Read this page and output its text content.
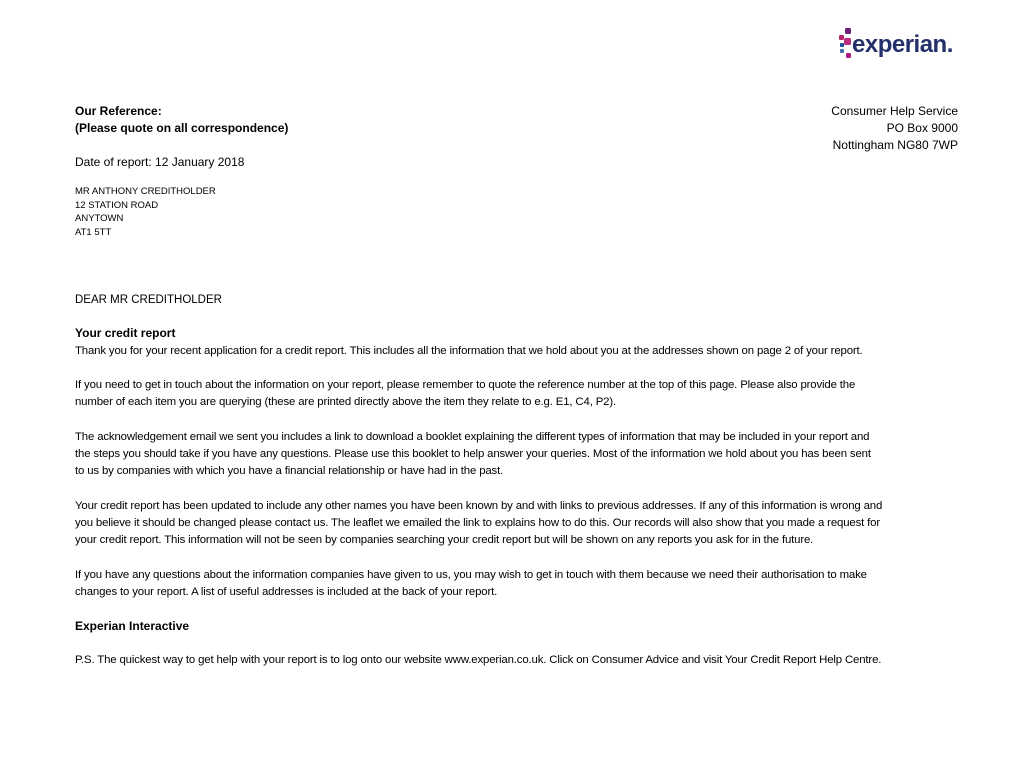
experian.
Our Reference:
(Please quote on all correspondence)
Date of report: 12 January 2018
Consumer Help Service
PO Box 9000
Nottingham NG80 7WP
MR ANTHONY CREDITHOLDER
12 STATION ROAD
ANYTOWN
AT1 5TT
DEAR MR CREDITHOLDER
Your credit report
Thank you for your recent application for a credit report. This includes all the information that we hold about you at the addresses shown on page 2 of your report.
If you need to get in touch about the information on your report, please remember to quote the reference number at the top of this page. Please also provide the
number of each item you are querying (these are printed directly above the item they relate to e.g. E1, C4, P2).
The acknowledgement email we sent you includes a link to download a booklet explaining the different types of information that may be included in your report and
the steps you should take if you have any questions. Please use this booklet to help answer your queries. Most of the information we hold about you has been sent
to us by companies with which you have a financial relationship or have had in the past.
Your credit report has been updated to include any other names you have been known by and with links to previous addresses. If any of this information is wrong and
you believe it should be changed please contact us. The leaflet we emailed the link to explains how to do this. Our records will also show that you made a request for
your credit report. This information will not be seen by companies searching your credit report but will be shown on any reports you ask for in the future.
If you have any questions about the information companies have given to us, you may wish to get in touch with them because we need their authorisation to make
changes to your report. A list of useful addresses is included at the back of your report.
Experian Interactive
P.S. The quickest way to get help with your report is to log onto our website www.experian.co.uk. Click on Consumer Advice and visit Your Credit Report Help Centre.
